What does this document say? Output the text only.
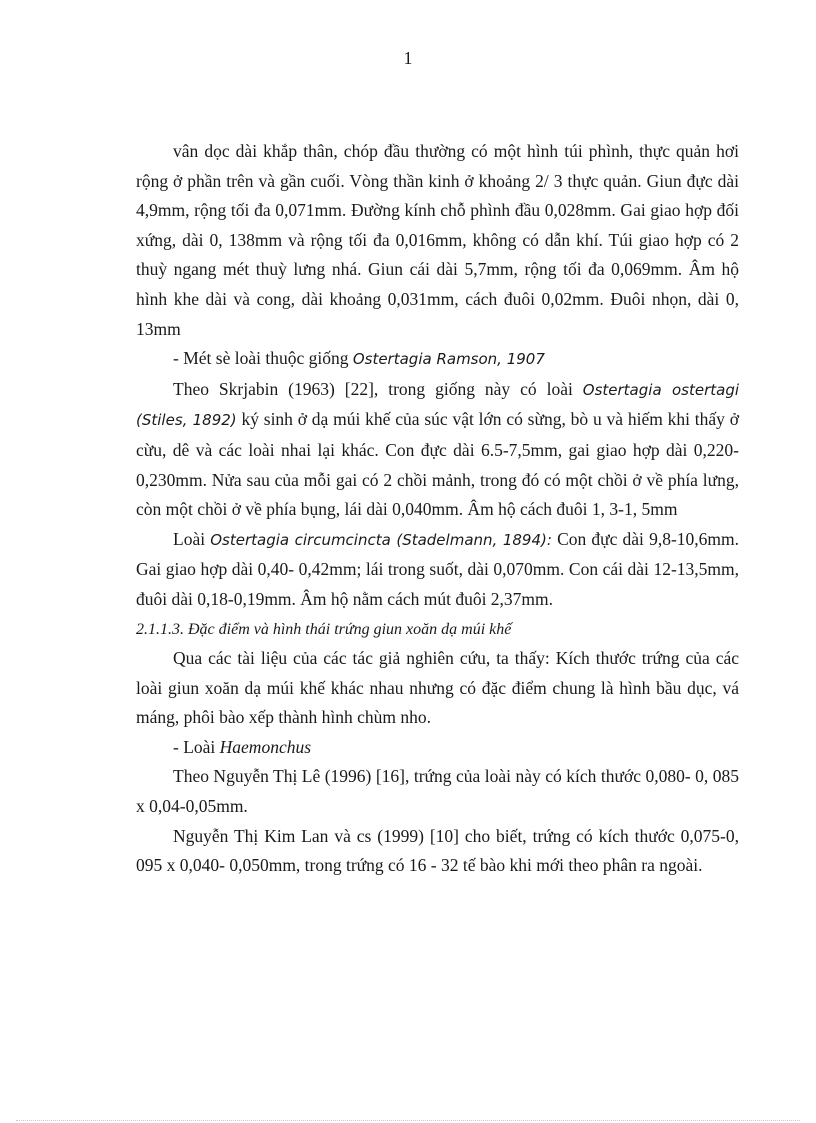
1

vân dọc dài khắp thân, chóp đầu thường có một hình túi phình, thực quản hơi rộng ở phần trên và gần cuối. Vòng thần kinh ở khoảng 2/ 3 thực quản. Giun đực dài 4,9mm, rộng tối đa 0,071mm. Đường kính chỗ phình đầu 0,028mm. Gai giao hợp đối xứng, dài 0, 138mm và rộng tối đa 0,016mm, không có dẫn khí. Túi giao hợp có 2 thuỳ ngang mét thuỳ lưng nhá. Giun cái dài 5,7mm, rộng tối đa 0,069mm. Âm hộ hình khe dài và cong, dài khoảng 0,031mm, cách đuôi 0,02mm. Đuôi nhọn, dài 0, 13mm

- Mét sè loài thuộc giống Ostertagia Ramson, 1907

Theo Skrjabin (1963) [22], trong giống này có loài Ostertagia ostertagi (Stiles, 1892) ký sinh ở dạ múi khế của súc vật lớn có sừng, bò u và hiếm khi thấy ở cừu, dê và các loài nhai lại khác. Con đực dài 6.5-7,5mm, gai giao hợp dài 0,220- 0,230mm. Nửa sau của mỗi gai có 2 chồi mảnh, trong đó có một chồi ở về phía lưng, còn một chồi ở về phía bụng, lái dài 0,040mm. Âm hộ cách đuôi 1, 3-1, 5mm

Loài Ostertagia circumcincta (Stadelmann, 1894): Con đực dài 9,8-10,6mm. Gai giao hợp dài 0,40- 0,42mm; lái trong suốt, dài 0,070mm. Con cái dài 12-13,5mm, đuôi dài 0,18-0,19mm. Âm hộ nằm cách mút đuôi 2,37mm.

2.1.1.3. Đặc điểm và hình thái trứng giun xoăn dạ múi khế

Qua các tài liệu của các tác giả nghiên cứu, ta thấy: Kích thước trứng của các loài giun xoăn dạ múi khế khác nhau nhưng có đặc điểm chung là hình bầu dục, vá máng, phôi bào xếp thành hình chùm nho.

- Loài Haemonchus

Theo Nguyễn Thị Lê (1996) [16], trứng của loài này có kích thước 0,080- 0, 085 x 0,04-0,05mm.

Nguyễn Thị Kim Lan và cs (1999) [10] cho biết, trứng có kích thước 0,075-0, 095 x 0,040- 0,050mm, trong trứng có 16 - 32 tế bào khi mới theo phân ra ngoài.
